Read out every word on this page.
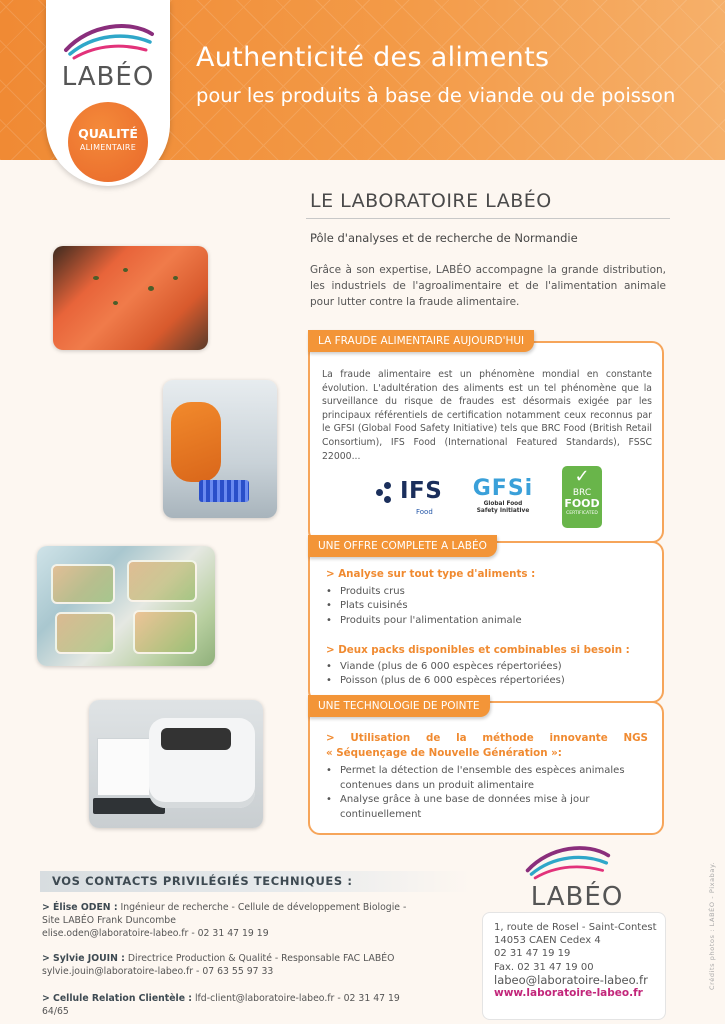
Authenticité des aliments
pour les produits à base de viande ou de poisson
LABÉO
QUALITÉ
ALIMENTAIRE
LE LABORATOIRE LABÉO
Pôle d'analyses et de recherche de Normandie
Grâce à son expertise, LABÉO accompagne la grande distribution, les industriels de l'agroalimentaire et de l'alimentation animale pour lutter contre la fraude alimentaire.
LA FRAUDE ALIMENTAIRE AUJOURD'HUI
La fraude alimentaire est un phénomène mondial en constante évolution. L'adultération des aliments est un tel phénomène que la surveillance du risque de fraudes est désormais exigée par les principaux référentiels de certification notamment ceux reconnus par le GFSI (Global Food Safety Initiative) tels que BRC Food (British Retail Consortium), IFS Food (International Featured Standards), FSSC 22000...
IFS
Food
GFSi
Global Food
Safety Initiative
✓
BRC
FOOD
CERTIFICATED
UNE OFFRE COMPLETE A LABÉO
> Analyse sur tout type d'aliments :
• Produits crus
• Plats cuisinés
• Produits pour l'alimentation animale
> Deux packs disponibles et combinables si besoin :
• Viande (plus de 6 000 espèces répertoriées)
• Poisson (plus de 6 000 espèces répertoriées)
UNE TECHNOLOGIE DE POINTE
> Utilisation de la méthode innovante NGS
« Séquençage de Nouvelle Génération »:
• Permet la détection de l'ensemble des espèces animales contenues dans un produit alimentaire
• Analyse grâce à une base de données mise à jour continuellement
VOS CONTACTS PRIVILÉGIÉS TECHNIQUES :
> Élise ODEN : Ingénieur de recherche - Cellule de développement Biologie - Site LABÉO Frank Duncombe
elise.oden@laboratoire-labeo.fr - 02 31 47 19 19
> Sylvie JOUIN : Directrice Production & Qualité - Responsable FAC LABÉO
sylvie.jouin@laboratoire-labeo.fr - 07 63 55 97 33
> Cellule Relation Clientèle : lfd-client@laboratoire-labeo.fr - 02 31 47 19 64/65
LABÉO
1, route de Rosel - Saint-Contest
14053 CAEN Cedex 4
02 31 47 19 19
Fax. 02 31 47 19 00
labeo@laboratoire-labeo.fr
www.laboratoire-labeo.fr
Crédits photos : LABÉO - Pixabay.
